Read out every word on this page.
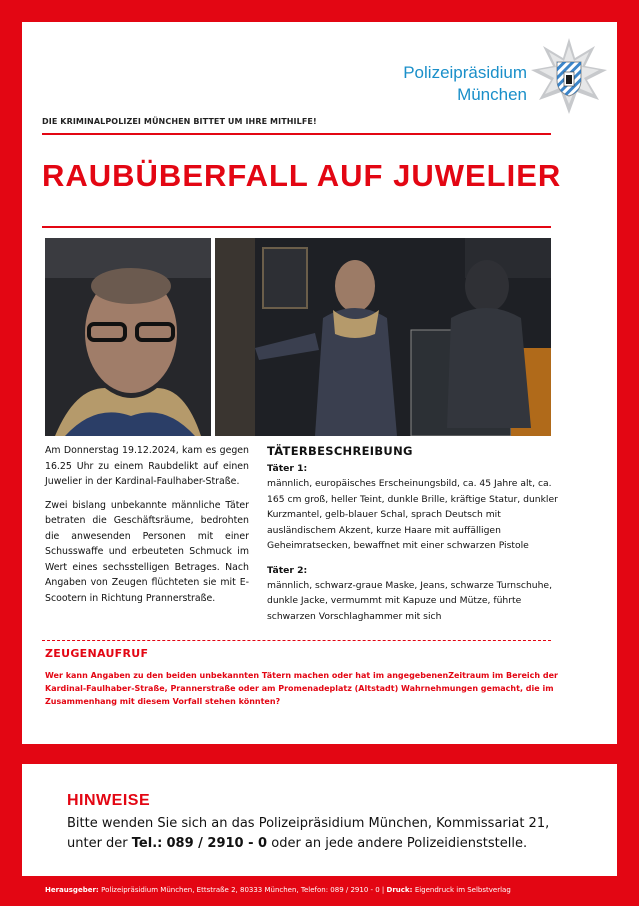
Polizeipräsidium
München
DIE KRIMINALPOLIZEI MÜNCHEN BITTET UM IHRE MITHILFE!
RAUBÜBERFALL AUF JUWELIER

Am Donnerstag 19.12.2024, kam es gegen 16.25 Uhr zu einem Raubdelikt auf einen Juwelier in der Kardinal-Faulhaber-Straße.

Zwei bislang unbekannte männliche Täter betraten die Geschäftsräume, bedrohten die anwesenden Personen mit einer Schusswaffe und erbeuteten Schmuck im Wert eines sechsstelligen Betrages. Nach Angaben von Zeugen flüchteten sie mit E-Scootern in Richtung Prannerstraße.

TÄTERBESCHREIBUNG
Täter 1:
männlich, europäisches Erscheinungsbild, ca. 45 Jahre alt, ca. 165 cm groß, heller Teint, dunkle Brille, kräftige Statur, dunkler Kurzmantel, gelb-blauer Schal, sprach Deutsch mit ausländischem Akzent, kurze Haare mit auffälligen Geheimratsecken, bewaffnet mit einer schwarzen Pistole
Täter 2:
männlich, schwarz-graue Maske, Jeans, schwarze Turnschuhe, dunkle Jacke, vermummt mit Kapuze und Mütze, führte schwarzen Vorschlaghammer mit sich
ZEUGENAUFRUF
Wer kann Angaben zu den beiden unbekannten Tätern machen oder hat im angegebenenZeitraum im Bereich der Kardinal-Faulhaber-Straße, Prannerstraße oder am Promenadeplatz (Altstadt) Wahrnehmungen gemacht, die im Zusammenhang mit diesem Vorfall stehen könnten?
HINWEISE
Bitte wenden Sie sich an das Polizeipräsidium München, Kommissariat 21,
unter der Tel.: 089 / 2910 - 0 oder an jede andere Polizeidienststelle.
Herausgeber: Polizeipräsidium München, Ettstraße 2, 80333 München, Telefon: 089 / 2910 - 0 | Druck: Eigendruck im Selbstverlag
